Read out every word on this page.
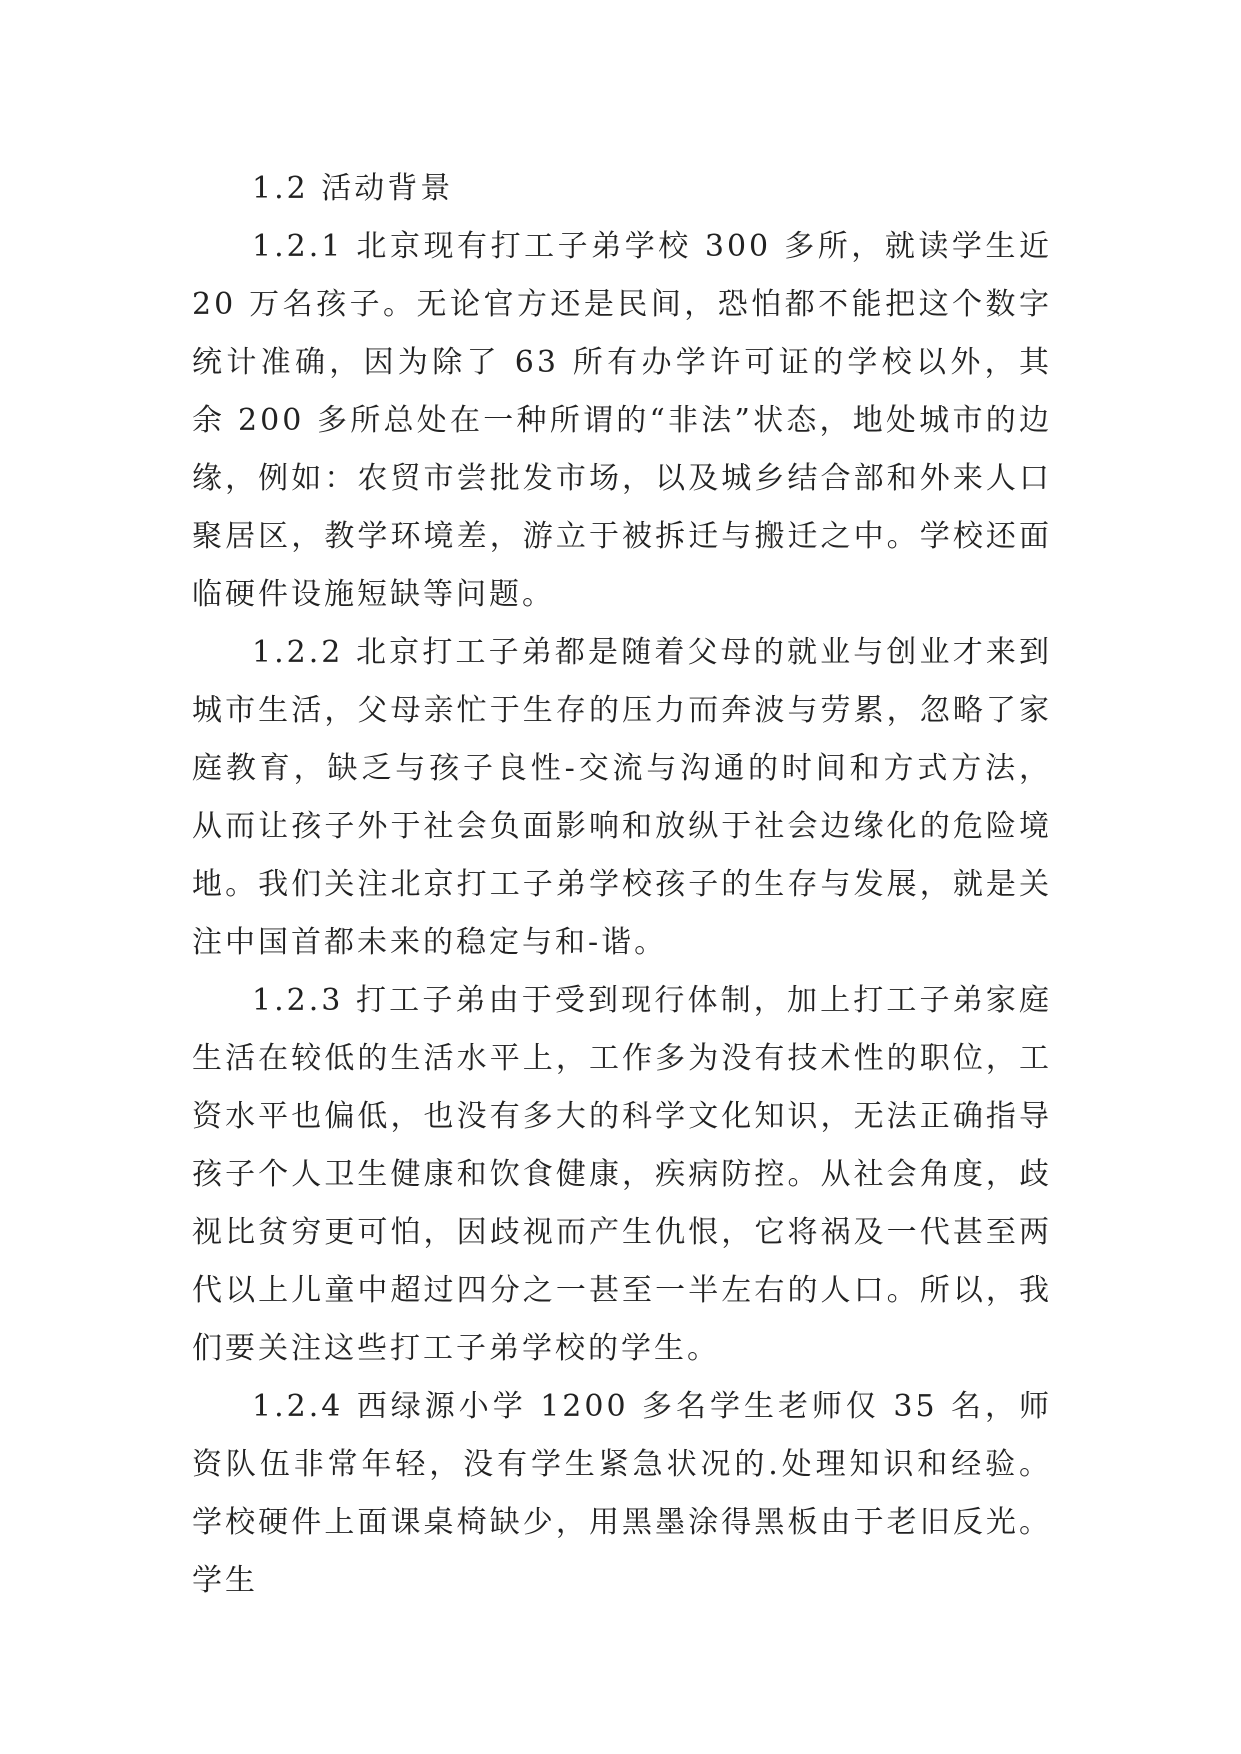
1.2 活动背景

1.2.1 北京现有打工子弟学校 300 多所，就读学生近 20 万名孩子。无论官方还是民间，恐怕都不能把这个数字统计准确，因为除了 63 所有办学许可证的学校以外，其余 200 多所总处在一种所谓的“非法”状态，地处城市的边缘，例如：农贸市尝批发市场，以及城乡结合部和外来人口聚居区，教学环境差，游立于被拆迁与搬迁之中。学校还面临硬件设施短缺等问题。

1.2.2 北京打工子弟都是随着父母的就业与创业才来到城市生活，父母亲忙于生存的压力而奔波与劳累，忽略了家庭教育，缺乏与孩子良性-交流与沟通的时间和方式方法，从而让孩子外于社会负面影响和放纵于社会边缘化的危险境地。我们关注北京打工子弟学校孩子的生存与发展，就是关注中国首都未来的稳定与和-谐。

1.2.3 打工子弟由于受到现行体制，加上打工子弟家庭生活在较低的生活水平上，工作多为没有技术性的职位，工资水平也偏低，也没有多大的科学文化知识，无法正确指导孩子个人卫生健康和饮食健康，疾病防控。从社会角度，歧视比贫穷更可怕，因歧视而产生仇恨，它将祸及一代甚至两代以上儿童中超过四分之一甚至一半左右的人口。所以，我们要关注这些打工子弟学校的学生。

1.2.4 西绿源小学 1200 多名学生老师仅 35 名，师资队伍非常年轻，没有学生紧急状况的.处理知识和经验。学校硬件上面课桌椅缺少，用黑墨涂得黑板由于老旧反光。学生
